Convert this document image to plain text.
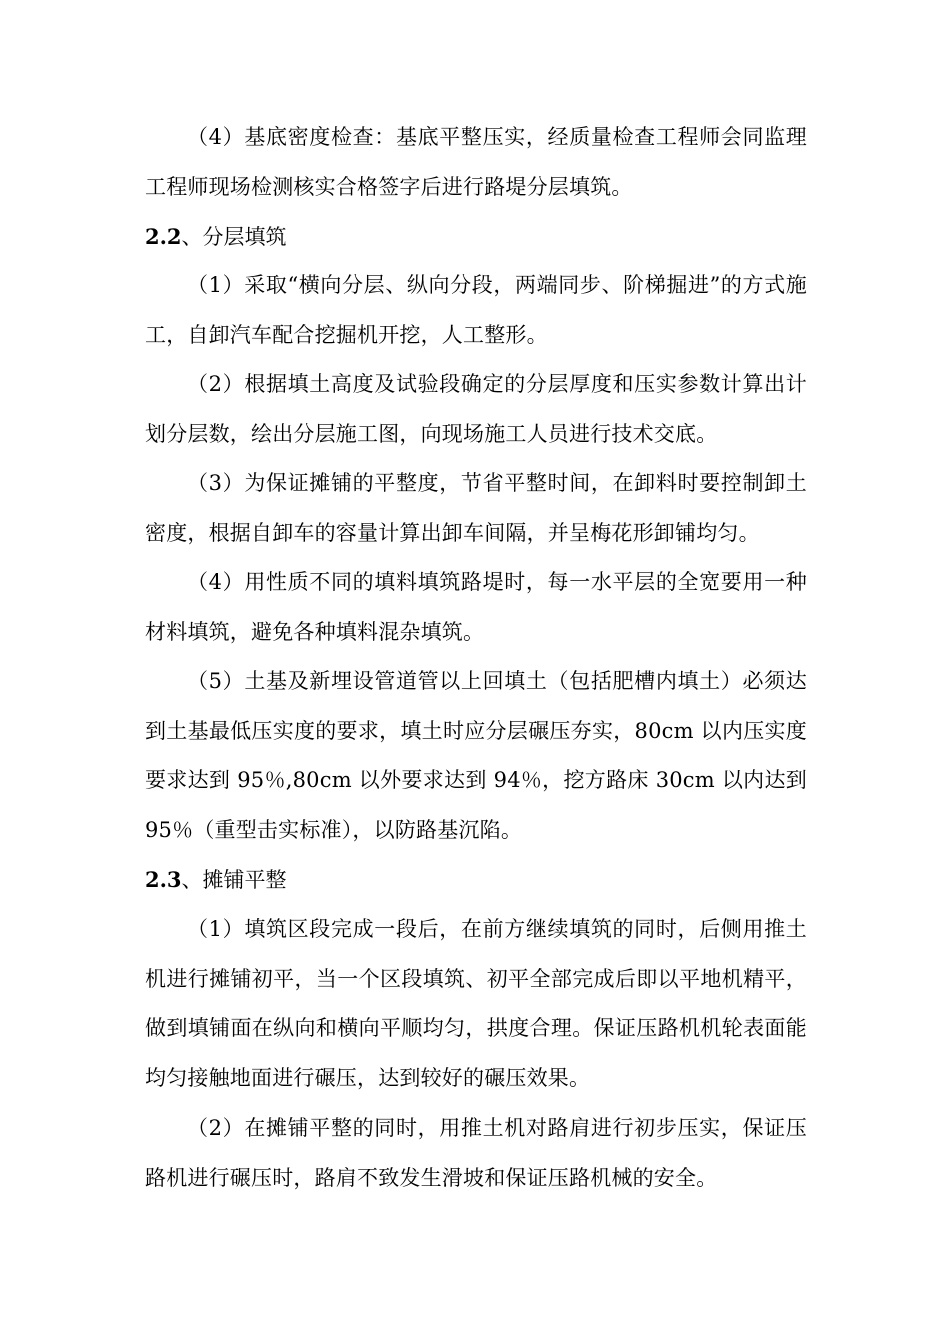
（4）基底密度检查：基底平整压实，经质量检查工程师会同监理工程师现场检测核实合格签字后进行路堤分层填筑。

2.2、分层填筑

（1）采取“横向分层、纵向分段，两端同步、阶梯掘进”的方式施工，自卸汽车配合挖掘机开挖，人工整形。

（2）根据填土高度及试验段确定的分层厚度和压实参数计算出计划分层数，绘出分层施工图，向现场施工人员进行技术交底。

（3）为保证摊铺的平整度，节省平整时间，在卸料时要控制卸土密度，根据自卸车的容量计算出卸车间隔，并呈梅花形卸铺均匀。

（4）用性质不同的填料填筑路堤时，每一水平层的全宽要用一种材料填筑，避免各种填料混杂填筑。

（5）土基及新埋设管道管以上回填土（包括肥槽内填土）必须达到土基最低压实度的要求，填土时应分层碾压夯实，80cm 以内压实度要求达到 95％,80cm 以外要求达到 94％，挖方路床 30cm 以内达到 95％（重型击实标准），以防路基沉陷。

2.3、摊铺平整

（1）填筑区段完成一段后，在前方继续填筑的同时，后侧用推土机进行摊铺初平，当一个区段填筑、初平全部完成后即以平地机精平，做到填铺面在纵向和横向平顺均匀，拱度合理。保证压路机机轮表面能均匀接触地面进行碾压，达到较好的碾压效果。

（2）在摊铺平整的同时，用推土机对路肩进行初步压实，保证压路机进行碾压时，路肩不致发生滑坡和保证压路机械的安全。
